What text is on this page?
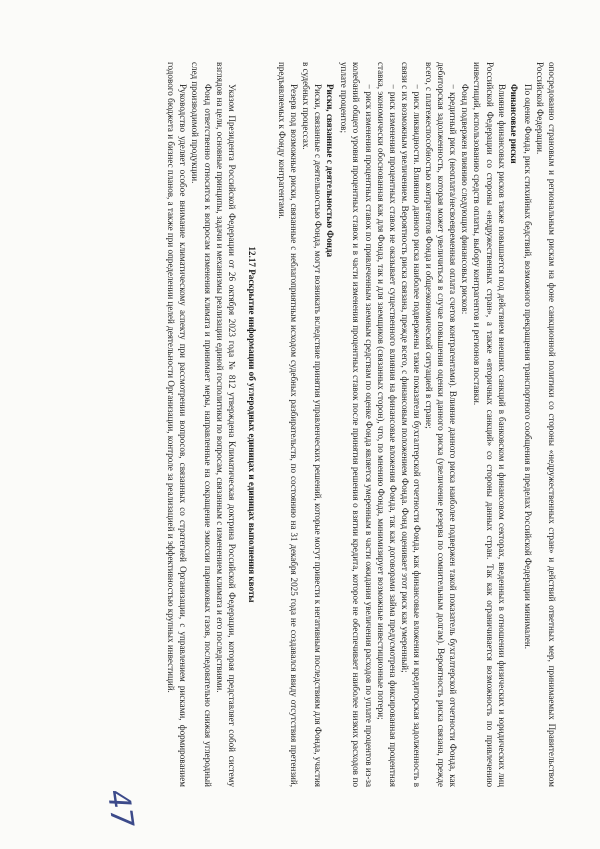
опосредованно страновым и региональным рискам на фоне санкционной политики со стороны «недружественных стран» и действий ответных мер, принимаемых Правительством Российской Федерации.

По оценке Фонда, риск стихийных бедствий, возможного прекращения транспортного сообщения в пределах Российской Федерации минимален.

Финансовые риски

Влияние финансовых рисков также повышается под действием внешних санкций в банковском и финансовом секторах, введенных в отношении физических и юридических лиц Российской Федерации со стороны «недружественных стран», а также «вторичных санкций» со стороны данных стран. Так как ограничивается возможность по привлечению инвестиций, использованию средств оплаты, выбору контрагентов и регионов поставки.

Фонд подвержен влиянию следующих финансовых рисков:

− кредитный риск (неоплата/несвоевременная оплата счетов контрагентами). Влияние данного риска наиболее подвержен такой показатель бухгалтерской отчетности Фонда, как дебиторская задолженность, которая может увеличиться в случае повышения оценки данного риска (увеличение резерва по сомнительным долгам). Вероятность риска связана, прежде всего, с платежеспособностью контрагентов Фонда и общеэкономической ситуацией в стране;

− риск ликвидности. Влиянию данного риска наиболее подвержены такие показатели бухгалтерской отчетности Фонда, как финансовые вложения и кредиторская задолженность в связи с их возможным увеличением. Вероятность риска связана, прежде всего, с финансовым положением Фонда. Фонд оценивает этот риск как умеренный;

− риск изменения процентных ставок не оказывает существенного влияния на финансовые вложения Фонда, так как договорами займа предусмотрена фиксированная процентная ставка, экономически обоснованная как для Фонда, так и для заемщиков (связанных сторон), что, по мнению Фонда, минимизирует возможные инвестиционные потери;

− риск изменения процентных ставок по привлеченным заемным средствам по оценке Фонда является умеренным в части ожидания увеличения расходов по уплате процентов из-за колебаний общего уровня процентных ставок и в части изменения процентных ставок после принятия решения о взятии кредита, которое не обеспечивает наиболее низких расходов по уплате процентов;

Риски, связанные с деятельностью Фонда

Риски, связанные с деятельностью Фонда, могут возникать вследствие принятия управленческих решений, которые могут привести к негативным последствиям для Фонда, участия в судебных процессах.

Резерв под возможные риски, связанные с неблагоприятным исходом судебных разбирательств, по состоянию на 31 декабря 2025 года не создавался ввиду отсутствия претензий, предъявляемых к Фонду контрагентами.

12.17 Раскрытие информации об углеродных единицах и единицах выполнения квоты

Указом Президента Российской Федерации от 26 октября 2023 года № 812 утверждена Климатическая доктрина Российской Федерации, которая представляет собой систему взглядов на цели, основные принципы, задачи и механизмы реализации единой госполитики по вопросам, связанным с изменением климата и его последствиями.

Фонд ответственно относится к вопросам изменения климата и принимает меры, направленные на сокращение эмиссии парниковых газов, последовательно снижая углеродный след производимой продукции.

Руководство уделяет особое внимание климатическому аспекту при рассмотрении вопросов, связанных со стратегией Организации, с управлением рисками, формированием годового бюджета и бизнес планов, а также при определении целей деятельности Организации, контроле за реализацией и эффективностью крупных инвестиций.

47
